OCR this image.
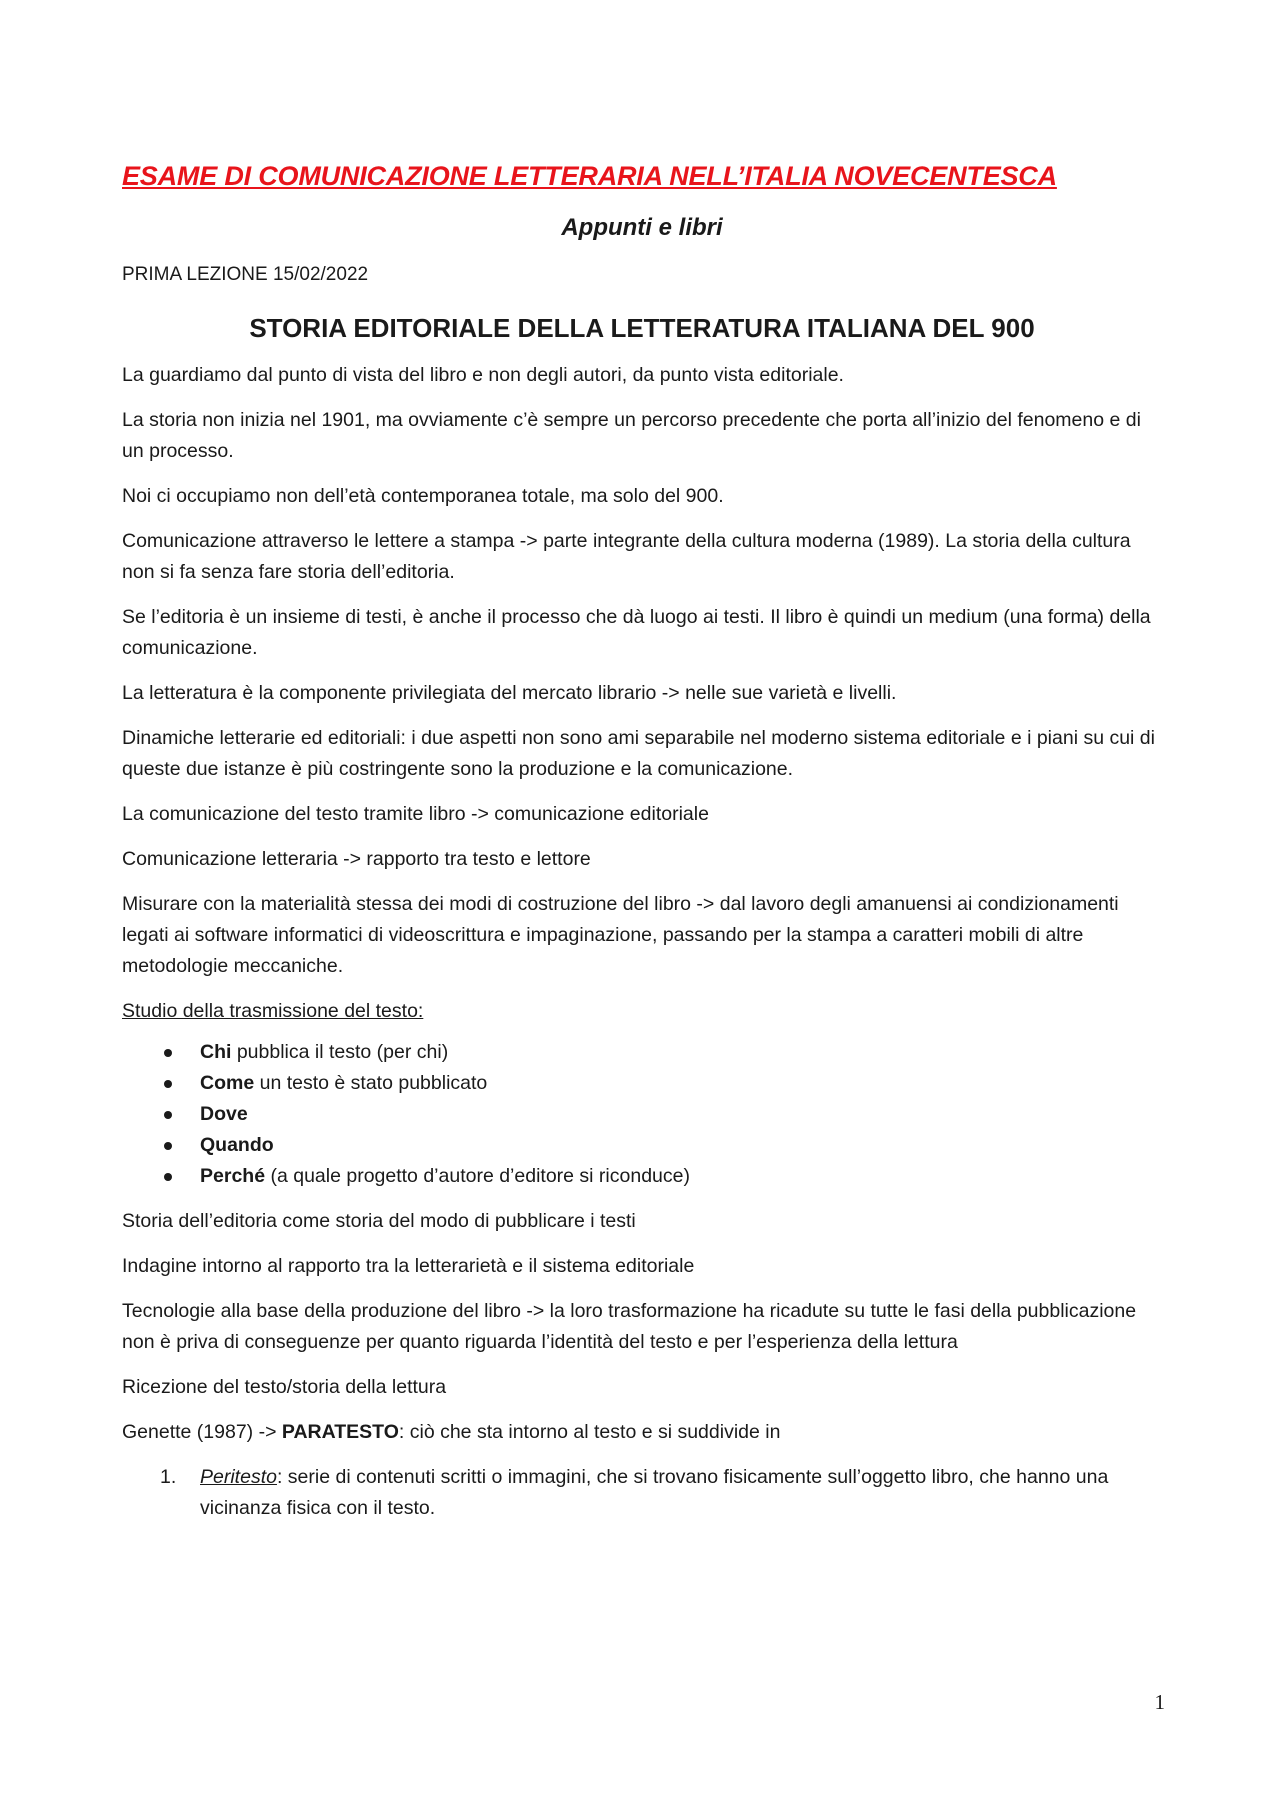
ESAME DI COMUNICAZIONE LETTERARIA NELL’ITALIA NOVECENTESCA
Appunti e libri
PRIMA LEZIONE 15/02/2022
STORIA EDITORIALE DELLA LETTERATURA ITALIANA DEL 900

La guardiamo dal punto di vista del libro e non degli autori, da punto vista editoriale.

La storia non inizia nel 1901, ma ovviamente c’è sempre un percorso precedente che porta all’inizio del fenomeno e di un processo.

Noi ci occupiamo non dell’età contemporanea totale, ma solo del 900.

Comunicazione attraverso le lettere a stampa -> parte integrante della cultura moderna (1989). La storia della cultura non si fa senza fare storia dell’editoria.

Se l’editoria è un insieme di testi, è anche il processo che dà luogo ai testi. Il libro è quindi un medium (una forma) della comunicazione.

La letteratura è la componente privilegiata del mercato librario -> nelle sue varietà e livelli.

Dinamiche letterarie ed editoriali: i due aspetti non sono ami separabile nel moderno sistema editoriale e i piani su cui di queste due istanze è più costringente sono la produzione e la comunicazione.

La comunicazione del testo tramite libro -> comunicazione editoriale

Comunicazione letteraria -> rapporto tra testo e lettore

Misurare con la materialità stessa dei modi di costruzione del libro -> dal lavoro degli amanuensi ai condizionamenti legati ai software informatici di videoscrittura e impaginazione, passando per la stampa a caratteri mobili di altre metodologie meccaniche.

Studio della trasmissione del testo:

Chi pubblica il testo (per chi)
Come un testo è stato pubblicato
Dove
Quando
Perché (a quale progetto d’autore d’editore si riconduce)

Storia dell’editoria come storia del modo di pubblicare i testi

Indagine intorno al rapporto tra la letterarietà e il sistema editoriale

Tecnologie alla base della produzione del libro -> la loro trasformazione ha ricadute su tutte le fasi della pubblicazione non è priva di conseguenze per quanto riguarda l’identità del testo e per l’esperienza della lettura

Ricezione del testo/storia della lettura

Genette (1987) -> PARATESTO: ciò che sta intorno al testo e si suddivide in

1. Peritesto: serie di contenuti scritti o immagini, che si trovano fisicamente sull’oggetto libro, che hanno una vicinanza fisica con il testo.
1
